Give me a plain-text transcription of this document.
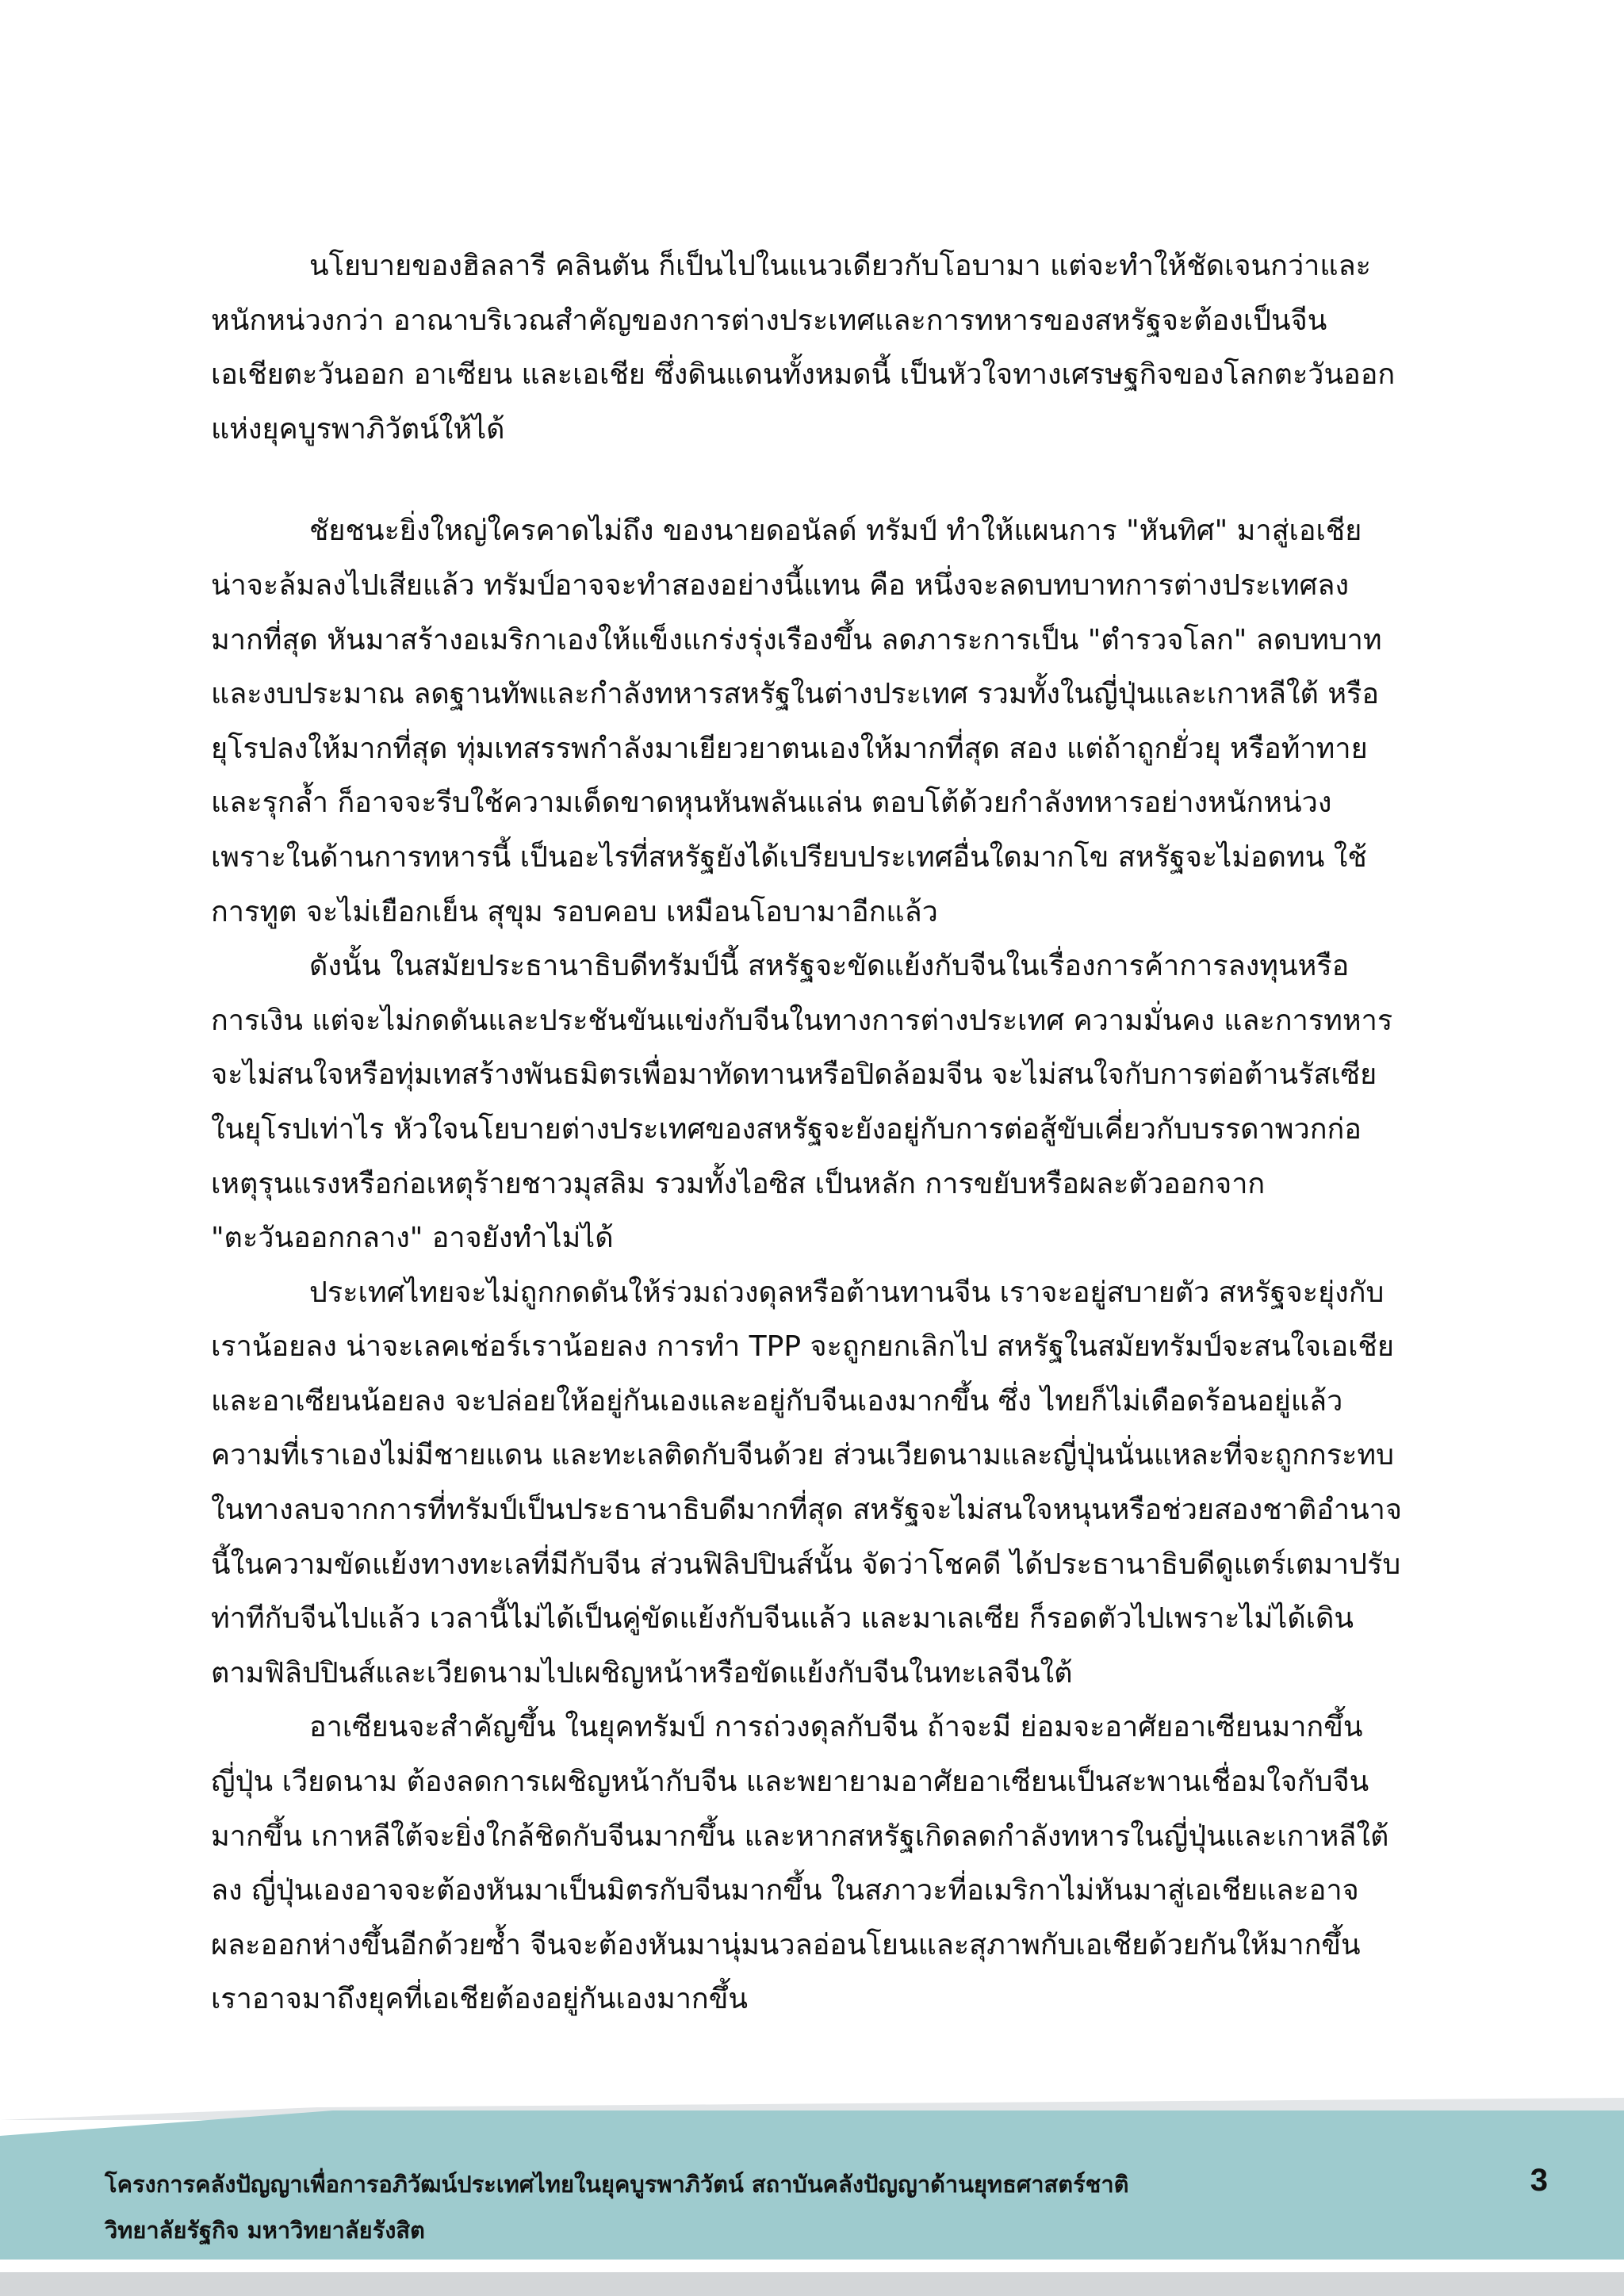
นโยบายของฮิลลารี คลินตัน ก็เป็นไปในแนวเดียวกับโอบามา แต่จะทำให้ชัดเจนกว่าและ
หนักหน่วงกว่า อาณาบริเวณสำคัญของการต่างประเทศและการทหารของสหรัฐจะต้องเป็นจีน
เอเชียตะวันออก อาเซียน และเอเชีย ซึ่งดินแดนทั้งหมดนี้ เป็นหัวใจทางเศรษฐกิจของโลกตะวันออก
แห่งยุคบูรพาภิวัตน์ให้ได้
ชัยชนะยิ่งใหญ่ใครคาดไม่ถึง ของนายดอนัลด์ ทรัมป์ ทำให้แผนการ "หันทิศ" มาสู่เอเชีย
น่าจะล้มลงไปเสียแล้ว ทรัมป์อาจจะทำสองอย่างนี้แทน คือ หนึ่งจะลดบทบาทการต่างประเทศลง
มากที่สุด หันมาสร้างอเมริกาเองให้แข็งแกร่งรุ่งเรืองขึ้น ลดภาระการเป็น "ตำรวจโลก" ลดบทบาท
และงบประมาณ ลดฐานทัพและกำลังทหารสหรัฐในต่างประเทศ รวมทั้งในญี่ปุ่นและเกาหลีใต้ หรือ
ยุโรปลงให้มากที่สุด ทุ่มเทสรรพกำลังมาเยียวยาตนเองให้มากที่สุด สอง แต่ถ้าถูกยั่วยุ หรือท้าทาย
และรุกล้ำ ก็อาจจะรีบใช้ความเด็ดขาดหุนหันพลันแล่น ตอบโต้ด้วยกำลังทหารอย่างหนักหน่วง
เพราะในด้านการทหารนี้ เป็นอะไรที่สหรัฐยังได้เปรียบประเทศอื่นใดมากโข สหรัฐจะไม่อดทน ใช้
การทูต จะไม่เยือกเย็น สุขุม รอบคอบ เหมือนโอบามาอีกแล้ว
ดังนั้น ในสมัยประธานาธิบดีทรัมป์นี้ สหรัฐจะขัดแย้งกับจีนในเรื่องการค้าการลงทุนหรือ
การเงิน แต่จะไม่กดดันและประชันขันแข่งกับจีนในทางการต่างประเทศ ความมั่นคง และการทหาร
จะไม่สนใจหรือทุ่มเทสร้างพันธมิตรเพื่อมาทัดทานหรือปิดล้อมจีน จะไม่สนใจกับการต่อต้านรัสเซีย
ในยุโรปเท่าไร หัวใจนโยบายต่างประเทศของสหรัฐจะยังอยู่กับการต่อสู้ขับเคี่ยวกับบรรดาพวกก่อ
เหตุรุนแรงหรือก่อเหตุร้ายชาวมุสลิม รวมทั้งไอซิส เป็นหลัก การขยับหรือผละตัวออกจาก
"ตะวันออกกลาง" อาจยังทำไม่ได้
ประเทศไทยจะไม่ถูกกดดันให้ร่วมถ่วงดุลหรือต้านทานจีน เราจะอยู่สบายตัว สหรัฐจะยุ่งกับ
เราน้อยลง น่าจะเลคเช่อร์เราน้อยลง การทำ TPP จะถูกยกเลิกไป สหรัฐในสมัยทรัมป์จะสนใจเอเชีย
และอาเซียนน้อยลง จะปล่อยให้อยู่กันเองและอยู่กับจีนเองมากขึ้น ซึ่ง ไทยก็ไม่เดือดร้อนอยู่แล้ว
ความที่เราเองไม่มีชายแดน และทะเลติดกับจีนด้วย ส่วนเวียดนามและญี่ปุ่นนั่นแหละที่จะถูกกระทบ
ในทางลบจากการที่ทรัมป์เป็นประธานาธิบดีมากที่สุด สหรัฐจะไม่สนใจหนุนหรือช่วยสองชาติอำนาจ
นี้ในความขัดแย้งทางทะเลที่มีกับจีน ส่วนฟิลิปปินส์นั้น จัดว่าโชคดี ได้ประธานาธิบดีดูแตร์เตมาปรับ
ท่าทีกับจีนไปแล้ว เวลานี้ไม่ได้เป็นคู่ขัดแย้งกับจีนแล้ว และมาเลเซีย ก็รอดตัวไปเพราะไม่ได้เดิน
ตามฟิลิปปินส์และเวียดนามไปเผชิญหน้าหรือขัดแย้งกับจีนในทะเลจีนใต้
อาเซียนจะสำคัญขึ้น ในยุคทรัมป์ การถ่วงดุลกับจีน ถ้าจะมี ย่อมจะอาศัยอาเซียนมากขึ้น
ญี่ปุ่น เวียดนาม ต้องลดการเผชิญหน้ากับจีน และพยายามอาศัยอาเซียนเป็นสะพานเชื่อมใจกับจีน
มากขึ้น เกาหลีใต้จะยิ่งใกล้ชิดกับจีนมากขึ้น และหากสหรัฐเกิดลดกำลังทหารในญี่ปุ่นและเกาหลีใต้
ลง ญี่ปุ่นเองอาจจะต้องหันมาเป็นมิตรกับจีนมากขึ้น ในสภาวะที่อเมริกาไม่หันมาสู่เอเชียและอาจ
ผละออกห่างขึ้นอีกด้วยซ้ำ จีนจะต้องหันมานุ่มนวลอ่อนโยนและสุภาพกับเอเชียด้วยกันให้มากขึ้น
เราอาจมาถึงยุคที่เอเชียต้องอยู่กันเองมากขึ้น
โครงการคลังปัญญาเพื่อการอภิวัฒน์ประเทศไทยในยุคบูรพาภิวัตน์ สถาบันคลังปัญญาด้านยุทธศาสตร์ชาติ
วิทยาลัยรัฐกิจ มหาวิทยาลัยรังสิต
3
